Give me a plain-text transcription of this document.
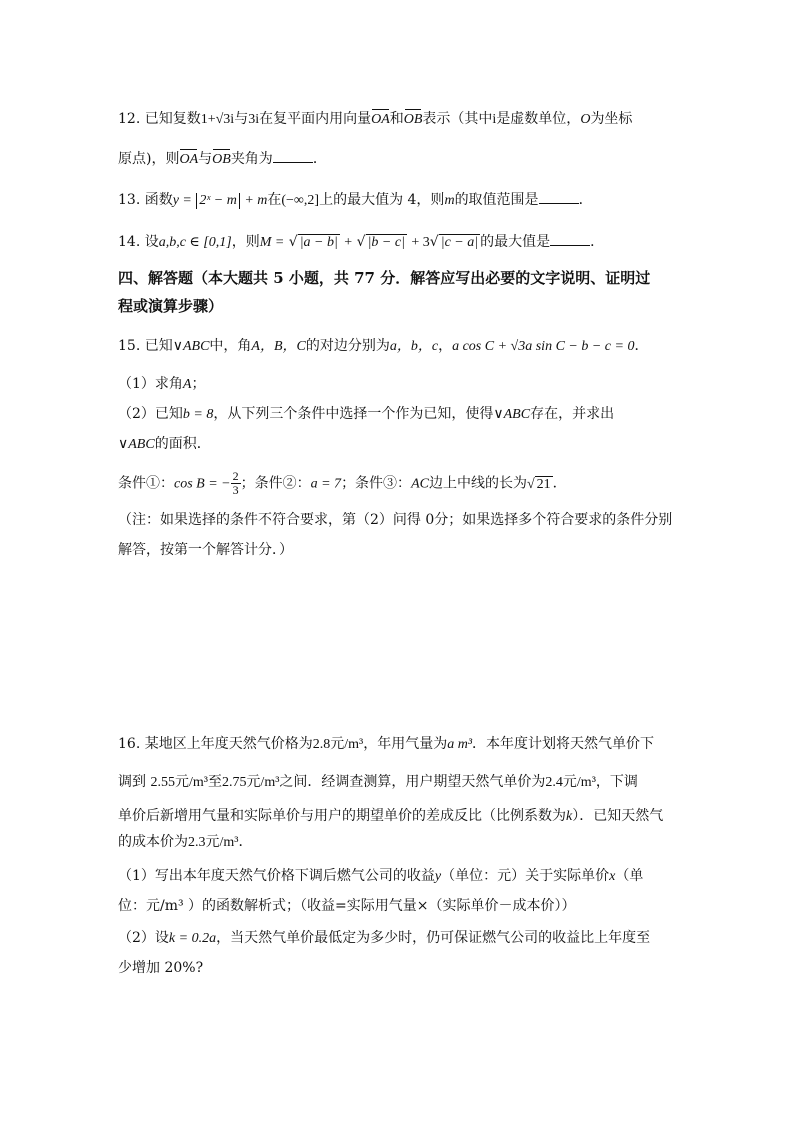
12. 已知复数1+√3i与3i在复平面内用向量OA和OB表示（其中i是虚数单位，O为坐标
原点)，则OA与OB夹角为	．
13. 函数y = 2ˣ − m + m在(−∞,2]上的最大值为 4，则m的取值范围是	．
14. 设a,b,c ∈ [0,1]，则M = √ |a − b| + √ |b − c| + 3√ |c − a| 的最大值是	．
四、解答题（本大题共 5 小题，共 77 分．解答应写出必要的文字说明、证明过
程或演算步骤）
15. 已知∨ABC中，角A，B，C的对边分别为a，b，c，a cos C + √3a sin C − b − c = 0．
（1）求角A；
（2）已知b = 8，从下列三个条件中选择一个作为已知，使得∨ABC存在，并求出
∨ABC的面积．
条件①：cos B = − $\frac{2}{3}$ ；条件②：a = 7；条件③：AC边上中线的长为√ 21 ．
（注：如果选择的条件不符合要求，第（2）问得 0分；如果选择多个符合要求的条件分别
解答，按第一个解答计分．）
16. 某地区上年度天然气价格为2.8元/m³，年用气量为a m³．本年度计划将天然气单价下
调到 2.55元/m³至2.75元/m³之间．经调查测算，用户期望天然气单价为2.4元/m³，下调
单价后新增用气量和实际单价与用户的期望单价的差成反比（比例系数为k）．已知天然气
的成本价为2.3元/m³．
（1）写出本年度天然气价格下调后燃气公司的收益y（单位：元）关于实际单价x（单
位：元/m³ ）的函数解析式；（收益=实际用气量×（实际单价－成本价））
（2）设k = 0.2a，当天然气单价最低定为多少时，仍可保证燃气公司的收益比上年度至
少增加 20%?
